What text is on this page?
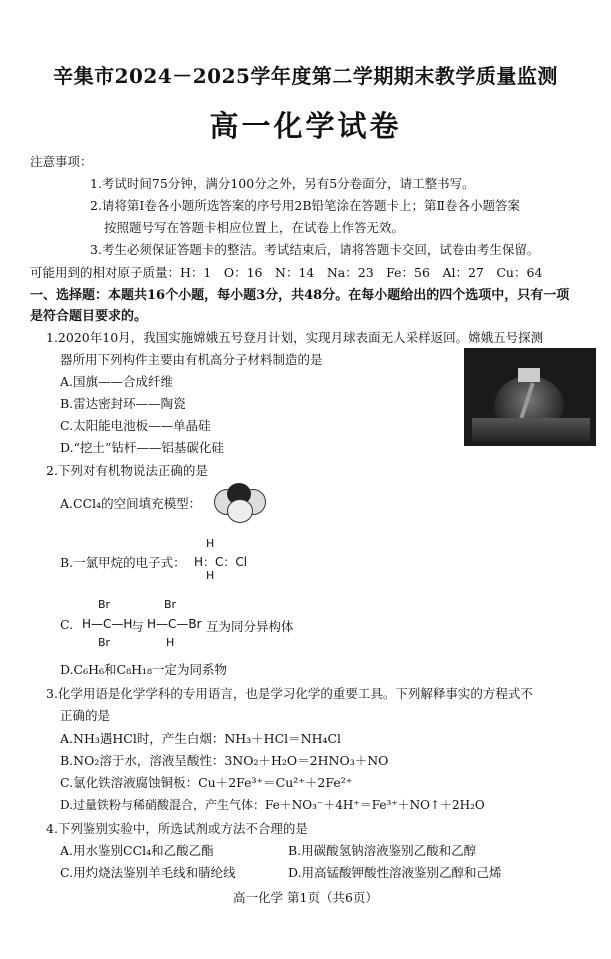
辛集市2024－2025学年度第二学期期末教学质量监测
高一化学试卷
注意事项：
1.考试时间75分钟，满分100分之外，另有5分卷面分，请工整书写。
2.请将第Ⅰ卷各小题所选答案的序号用2B铅笔涂在答题卡上；第Ⅱ卷各小题答案
按照题号写在答题卡相应位置上，在试卷上作答无效。
3.考生必须保证答题卡的整洁。考试结束后，请将答题卡交回，试卷由考生保留。
可能用到的相对原子质量：H：1　O：16　N：14　Na：23　Fe：56　Al：27　Cu：64
一、选择题：本题共16个小题，每小题3分，共48分。在每小题给出的四个选项中，只有一项
是符合题目要求的。
1.2020年10月，我国实施嫦娥五号登月计划，实现月球表面无人采样返回。嫦娥五号探测
器所用下列构件主要由有机高分子材料制造的是
A.国旗——合成纤维
B.雷达密封环——陶瓷
C.太阳能电池板——单晶硅
D.“挖土”钻杆——铝基碳化硅
2.下列对有机物说法正确的是
A.CCl₄的空间填充模型：
B.一氯甲烷的电子式：
H
H：C：Cl
H
C.
Br
H—C—H
Br
与
Br
H—C—Br
H
互为同分异构体
D.C₆H₆和C₈H₁₈一定为同系物
3.化学用语是化学学科的专用语言，也是学习化学的重要工具。下列解释事实的方程式不
正确的是
A.NH₃遇HCl时，产生白烟：NH₃＋HCl＝NH₄Cl
B.NO₂溶于水，溶液呈酸性：3NO₂＋H₂O＝2HNO₃＋NO
C.氯化铁溶液腐蚀铜板：Cu＋2Fe³⁺＝Cu²⁺＋2Fe²⁺
D.过量铁粉与稀硝酸混合，产生气体：Fe＋NO₃⁻＋4H⁺＝Fe³⁺＋NO↑＋2H₂O
4.下列鉴别实验中，所选试剂或方法不合理的是
A.用水鉴别CCl₄和乙酸乙酯	B.用碳酸氢钠溶液鉴别乙酸和乙醇
C.用灼烧法鉴别羊毛线和腈纶线	D.用高锰酸钾酸性溶液鉴别乙醇和己烯
高一化学 第1页（共6页）
